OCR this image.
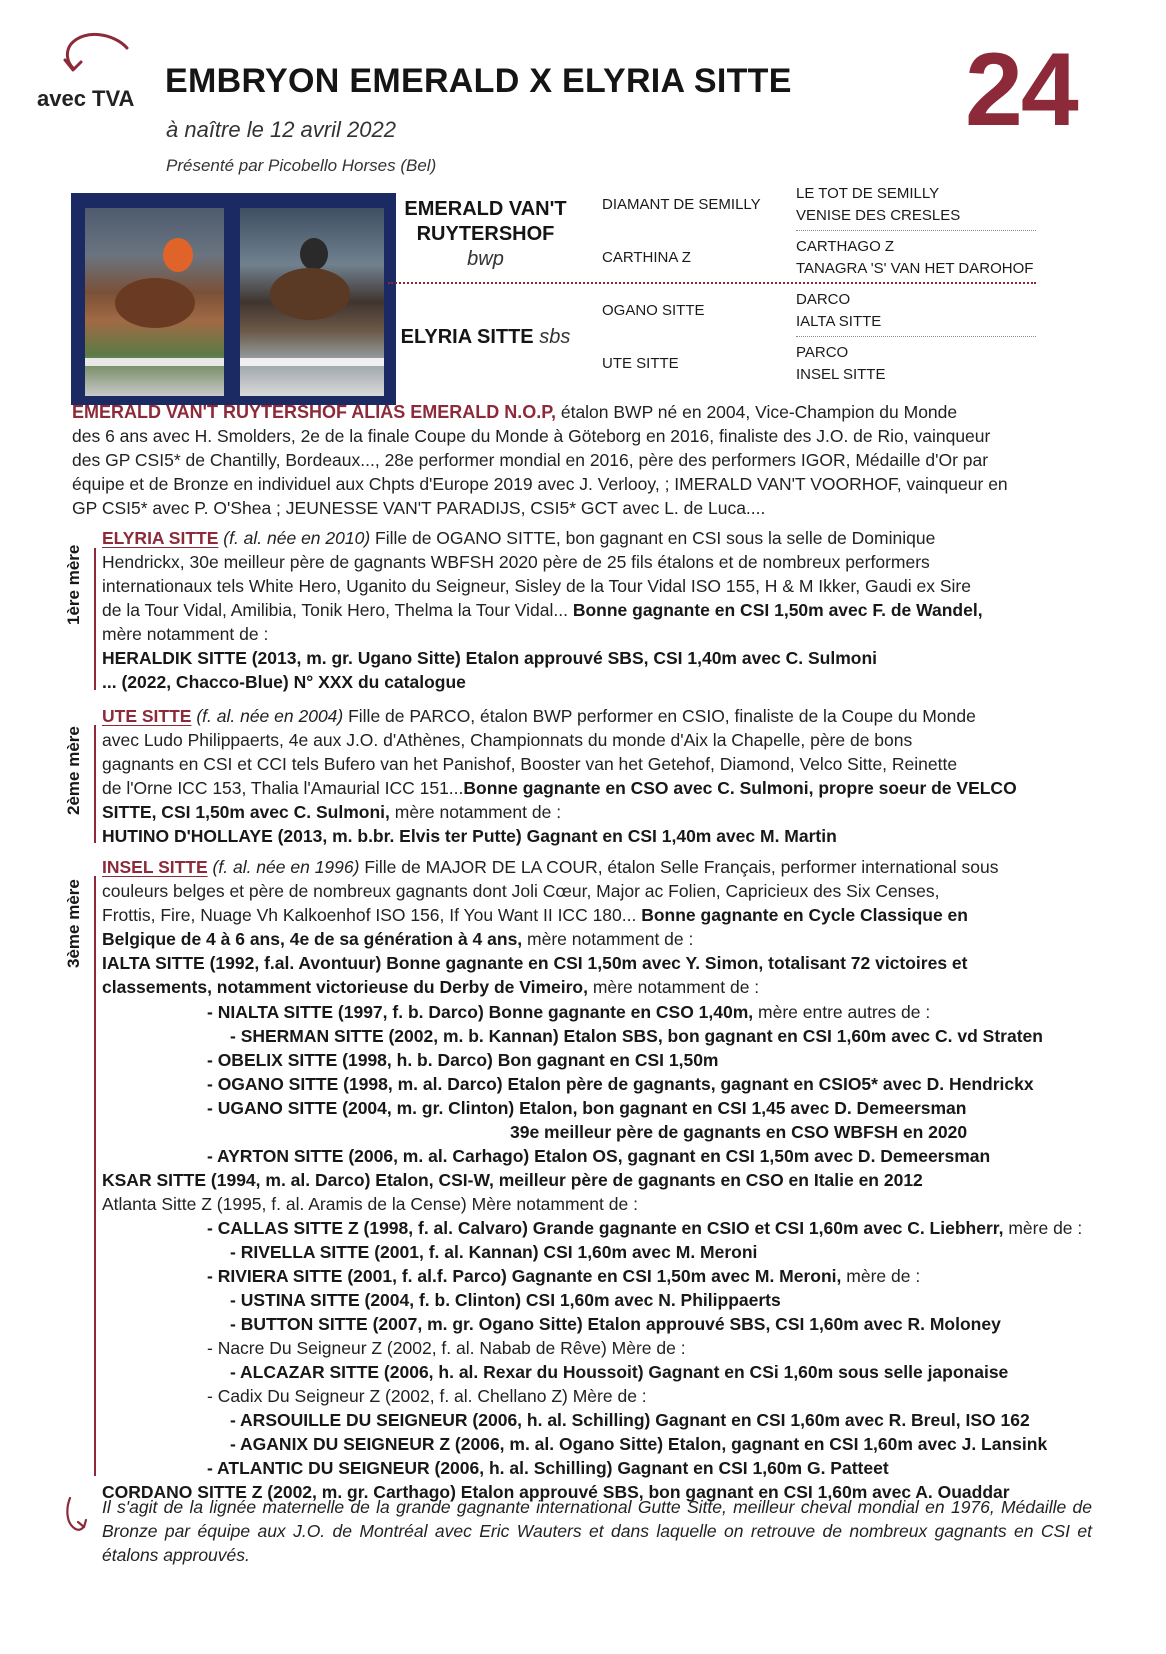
avec TVA EMBRYON EMERALD X ELYRIA SITTE
à naître le 12 avril 2022
Présenté par Picobello Horses (Bel)
24
EMERALD VAN'T RUYTERSHOF
bwp
ELYRIA SITTE sbs
DIAMANT DE SEMILLY
CARTHINA Z
OGANO SITTE
UTE SITTE
LE TOT DE SEMILLY
VENISE DES CRESLES
CARTHAGO Z
TANAGRA 'S' VAN HET DAROHOF
DARCO
IALTA SITTE
PARCO
INSEL SITTE
EMERALD VAN'T RUYTERSHOF ALIAS EMERALD N.O.P, étalon BWP né en 2004, Vice-Champion du Monde
des 6 ans avec H. Smolders, 2e de la finale Coupe du Monde à Göteborg en 2016, finaliste des J.O. de Rio, vainqueur
des GP CSI5* de Chantilly, Bordeaux..., 28e performer mondial en 2016, père des performers IGOR, Médaille d'Or par
équipe et de Bronze en individuel aux Chpts d'Europe 2019 avec J. Verlooy, ; IMERALD VAN'T VOORHOF, vainqueur en
GP CSI5* avec P. O'Shea ; JEUNESSE VAN'T PARADIJS, CSI5* GCT avec L. de Luca....
1ère mère
ELYRIA SITTE (f. al. née en 2010) Fille de OGANO SITTE, bon gagnant en CSI sous la selle de Dominique
Hendrickx, 30e meilleur père de gagnants WBFSH 2020 père de 25 fils étalons et de nombreux performers
internationaux tels White Hero, Uganito du Seigneur, Sisley de la Tour Vidal ISO 155, H & M Ikker, Gaudi ex Sire
de la Tour Vidal, Amilibia, Tonik Hero, Thelma la Tour Vidal... Bonne gagnante en CSI 1,50m avec F. de Wandel,
mère notamment de :
HERALDIK SITTE (2013, m. gr. Ugano Sitte) Etalon approuvé SBS, CSI 1,40m avec C. Sulmoni
... (2022, Chacco-Blue) N° XXX du catalogue
2ème mère
UTE SITTE (f. al. née en 2004) Fille de PARCO, étalon BWP performer en CSIO, finaliste de la Coupe du Monde
avec Ludo Philippaerts, 4e aux J.O. d'Athènes, Championnats du monde d'Aix la Chapelle, père de bons
gagnants en CSI et CCI tels Bufero van het Panishof, Booster van het Getehof, Diamond, Velco Sitte, Reinette
de l'Orne ICC 153, Thalia l'Amaurial ICC 151...Bonne gagnante en CSO avec C. Sulmoni, propre soeur de VELCO
SITTE, CSI 1,50m avec C. Sulmoni, mère notamment de :
HUTINO D'HOLLAYE (2013, m. b.br. Elvis ter Putte) Gagnant en CSI 1,40m avec M. Martin
3ème mère
INSEL SITTE (f. al. née en 1996) Fille de MAJOR DE LA COUR, étalon Selle Français, performer international sous
couleurs belges et père de nombreux gagnants dont Joli Cœur, Major ac Folien, Capricieux des Six Censes,
Frottis, Fire, Nuage Vh Kalkoenhof ISO 156, If You Want II ICC 180... Bonne gagnante en Cycle Classique en
Belgique de 4 à 6 ans, 4e de sa génération à 4 ans, mère notamment de :
IALTA SITTE (1992, f.al. Avontuur) Bonne gagnante en CSI 1,50m avec Y. Simon, totalisant 72 victoires et
classements, notamment victorieuse du Derby de Vimeiro, mère notamment de :
- NIALTA SITTE (1997, f. b. Darco) Bonne gagnante en CSO 1,40m, mère entre autres de :
- SHERMAN SITTE (2002, m. b. Kannan) Etalon SBS, bon gagnant en CSI 1,60m avec C. vd Straten
- OBELIX SITTE (1998, h. b. Darco) Bon gagnant en CSI 1,50m
- OGANO SITTE (1998, m. al. Darco) Etalon père de gagnants, gagnant en CSIO5* avec D. Hendrickx
- UGANO SITTE (2004, m. gr. Clinton) Etalon, bon gagnant en CSI 1,45 avec D. Demeersman
39e meilleur père de gagnants en CSO WBFSH en 2020
- AYRTON SITTE (2006, m. al. Carhago) Etalon OS, gagnant en CSI 1,50m avec D. Demeersman
KSAR SITTE (1994, m. al. Darco) Etalon, CSI-W, meilleur père de gagnants en CSO en Italie en 2012
Atlanta Sitte Z (1995, f. al. Aramis de la Cense) Mère notamment de :
- CALLAS SITTE Z (1998, f. al. Calvaro) Grande gagnante en CSIO et CSI 1,60m avec C. Liebherr, mère de :
- RIVELLA SITTE (2001, f. al. Kannan) CSI 1,60m avec M. Meroni
- RIVIERA SITTE (2001, f. al.f. Parco) Gagnante en CSI 1,50m avec M. Meroni, mère de :
- USTINA SITTE (2004, f. b. Clinton) CSI 1,60m avec N. Philippaerts
- BUTTON SITTE (2007, m. gr. Ogano Sitte) Etalon approuvé SBS, CSI 1,60m avec R. Moloney
- Nacre Du Seigneur Z (2002, f. al. Nabab de Rêve) Mère de :
- ALCAZAR SITTE (2006, h. al. Rexar du Houssoit) Gagnant en CSi 1,60m sous selle japonaise
- Cadix Du Seigneur Z (2002, f. al. Chellano Z) Mère de :
- ARSOUILLE DU SEIGNEUR (2006, h. al. Schilling) Gagnant en CSI 1,60m avec R. Breul, ISO 162
- AGANIX DU SEIGNEUR Z (2006, m. al. Ogano Sitte) Etalon, gagnant en CSI 1,60m avec J. Lansink
- ATLANTIC DU SEIGNEUR (2006, h. al. Schilling) Gagnant en CSI 1,60m G. Patteet
CORDANO SITTE Z (2002, m. gr. Carthago) Etalon approuvé SBS, bon gagnant en CSI 1,60m avec A. Ouaddar
Il s'agit de la lignée maternelle de la grande gagnante international Gutte Sitte, meilleur cheval mondial en 1976, Médaille de Bronze par équipe aux J.O. de Montréal avec Eric Wauters et dans laquelle on retrouve de nombreux gagnants en CSI et étalons approuvés.
